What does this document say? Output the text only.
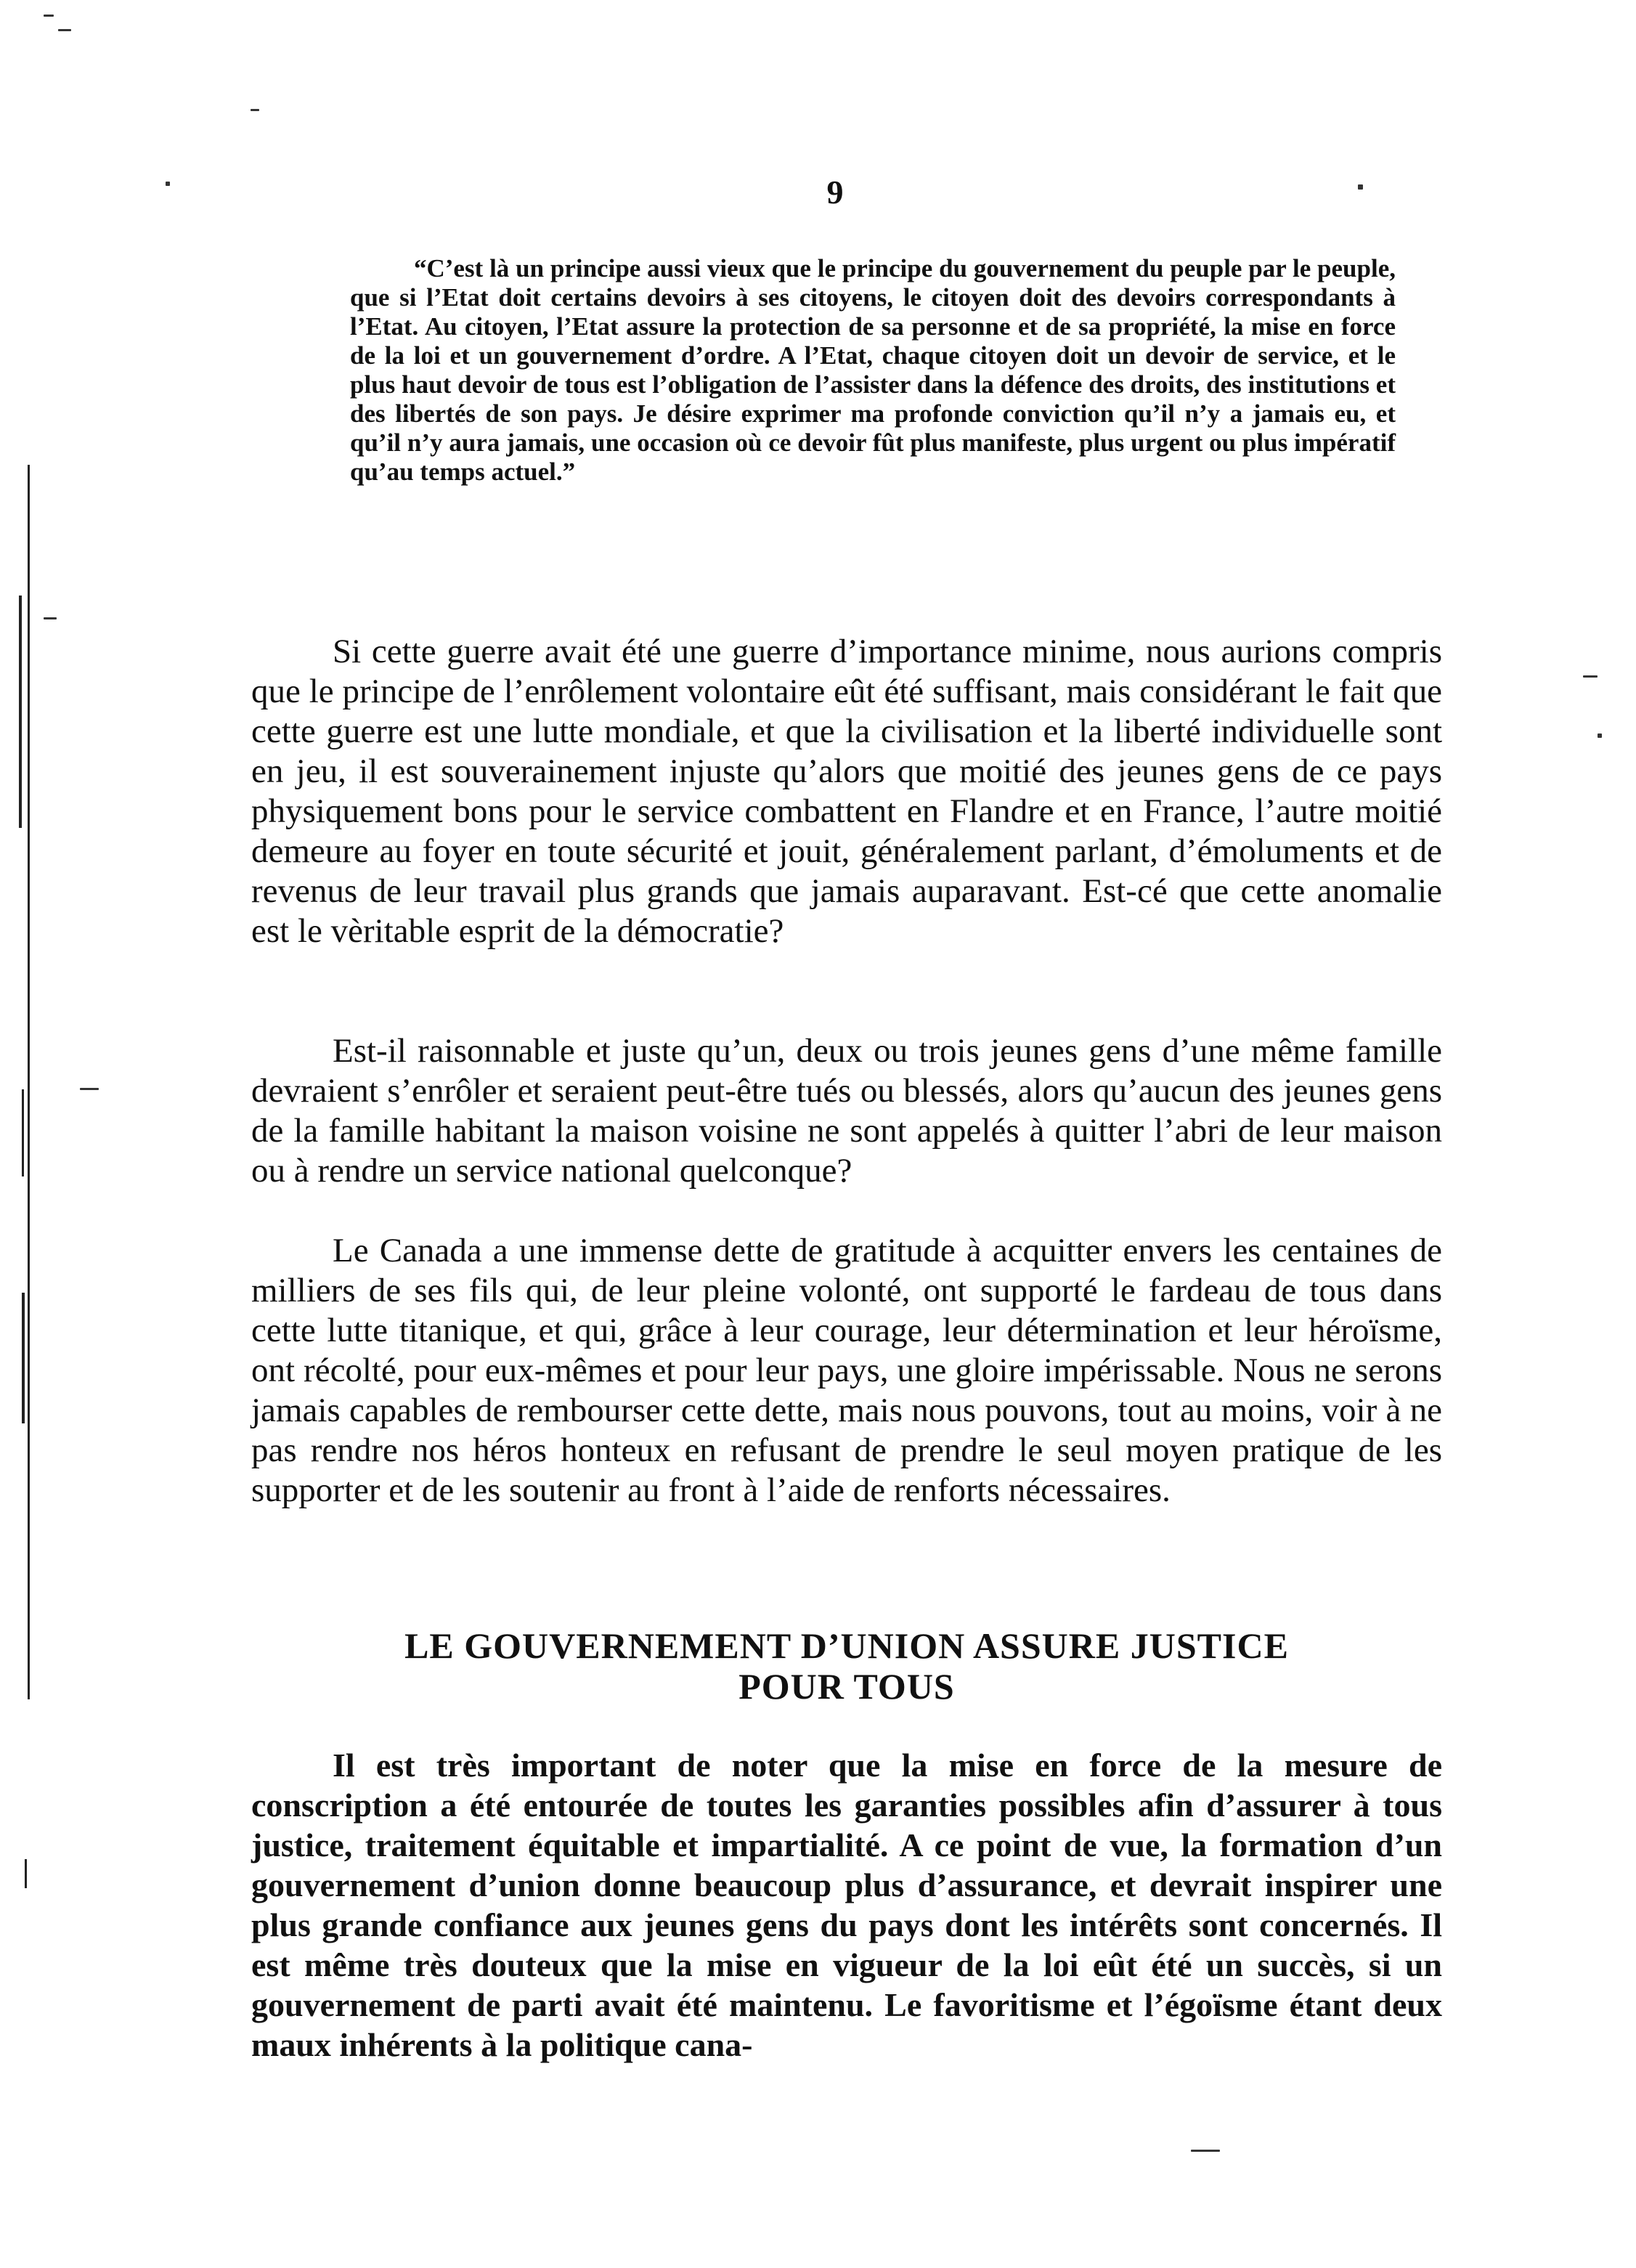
9

“C’est là un principe aussi vieux que le principe du gouvernement du peuple par le peuple, que si l’Etat doit certains devoirs à ses citoyens, le citoyen doit des devoirs correspondants à l’Etat. Au citoyen, l’Etat assure la protection de sa personne et de sa propriété, la mise en force de la loi et un gouvernement d’ordre. A l’Etat, chaque citoyen doit un devoir de service, et le plus haut devoir de tous est l’obligation de l’assister dans la défence des droits, des institutions et des libertés de son pays. Je désire exprimer ma profonde conviction qu’il n’y a jamais eu, et qu’il n’y aura jamais, une occasion où ce devoir fût plus manifeste, plus urgent ou plus impératif qu’au temps actuel.”

Si cette guerre avait été une guerre d’importance minime, nous aurions compris que le principe de l’enrôlement volontaire eût été suffisant, mais considérant le fait que cette guerre est une lutte mondiale, et que la civilisation et la liberté individuelle sont en jeu, il est souverainement injuste qu’alors que moitié des jeunes gens de ce pays physiquement bons pour le service combattent en Flandre et en France, l’autre moitié demeure au foyer en toute sécurité et jouit, généralement parlant, d’émoluments et de revenus de leur travail plus grands que jamais auparavant. Est-cé que cette anomalie est le vèritable esprit de la démocratie?

Est-il raisonnable et juste qu’un, deux ou trois jeunes gens d’une même famille devraient s’enrôler et seraient peut-être tués ou blessés, alors qu’aucun des jeunes gens de la famille habitant la maison voisine ne sont appelés à quitter l’abri de leur maison ou à rendre un service national quelconque?

Le Canada a une immense dette de gratitude à acquitter envers les centaines de milliers de ses fils qui, de leur pleine volonté, ont supporté le fardeau de tous dans cette lutte titanique, et qui, grâce à leur courage, leur détermination et leur héroïsme, ont récolté, pour eux-mêmes et pour leur pays, une gloire impérissable. Nous ne serons jamais capables de rembourser cette dette, mais nous pouvons, tout au moins, voir à ne pas rendre nos héros honteux en refusant de prendre le seul moyen pratique de les supporter et de les soutenir au front à l’aide de renforts nécessaires.

LE GOUVERNEMENT D’UNION ASSURE JUSTICE
POUR TOUS

Il est très important de noter que la mise en force de la mesure de conscription a été entourée de toutes les garanties possibles afin d’assurer à tous justice, traitement équitable et impartialité. A ce point de vue, la formation d’un gouvernement d’union donne beaucoup plus d’assurance, et devrait inspirer une plus grande confiance aux jeunes gens du pays dont les intérêts sont concernés. Il est même très douteux que la mise en vigueur de la loi eût été un succès, si un gouvernement de parti avait été maintenu. Le favoritisme et l’égoïsme étant deux maux inhérents à la politique cana-
